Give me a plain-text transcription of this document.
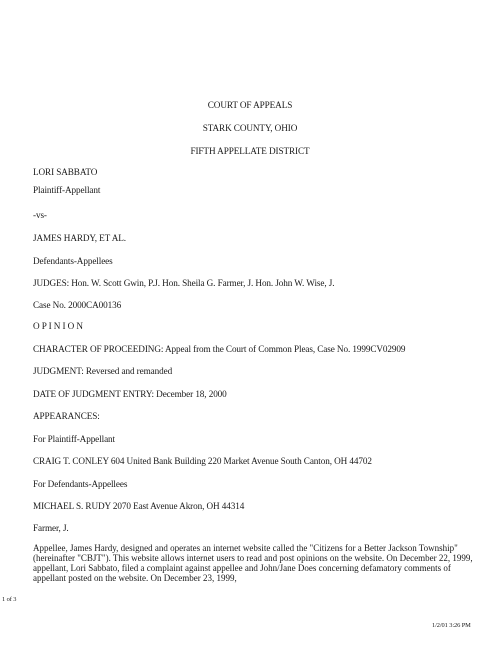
COURT OF APPEALS
STARK COUNTY, OHIO
FIFTH APPELLATE DISTRICT
LORI SABBATO
Plaintiff-Appellant
-vs-
JAMES HARDY, ET AL.
Defendants-Appellees
JUDGES: Hon. W. Scott Gwin, P.J. Hon. Sheila G. Farmer, J. Hon. John W. Wise, J.
Case No. 2000CA00136
O P I N I O N
CHARACTER OF PROCEEDING: Appeal from the Court of Common Pleas, Case No. 1999CV02909
JUDGMENT: Reversed and remanded
DATE OF JUDGMENT ENTRY: December 18, 2000
APPEARANCES:
For Plaintiff-Appellant
CRAIG T. CONLEY 604 United Bank Building 220 Market Avenue South Canton, OH 44702
For Defendants-Appellees
MICHAEL S. RUDY 2070 East Avenue Akron, OH 44314
Farmer, J.
Appellee, James Hardy, designed and operates an internet website called the "Citizens for a Better Jackson Township" (hereinafter "CBJT"). This website allows internet users to read and post opinions on the website. On December 22, 1999, appellant, Lori Sabbato, filed a complaint against appellee and John/Jane Does concerning defamatory comments of appellant posted on the website. On December 23, 1999,
1 of 3
1/2/01 3:26 PM
